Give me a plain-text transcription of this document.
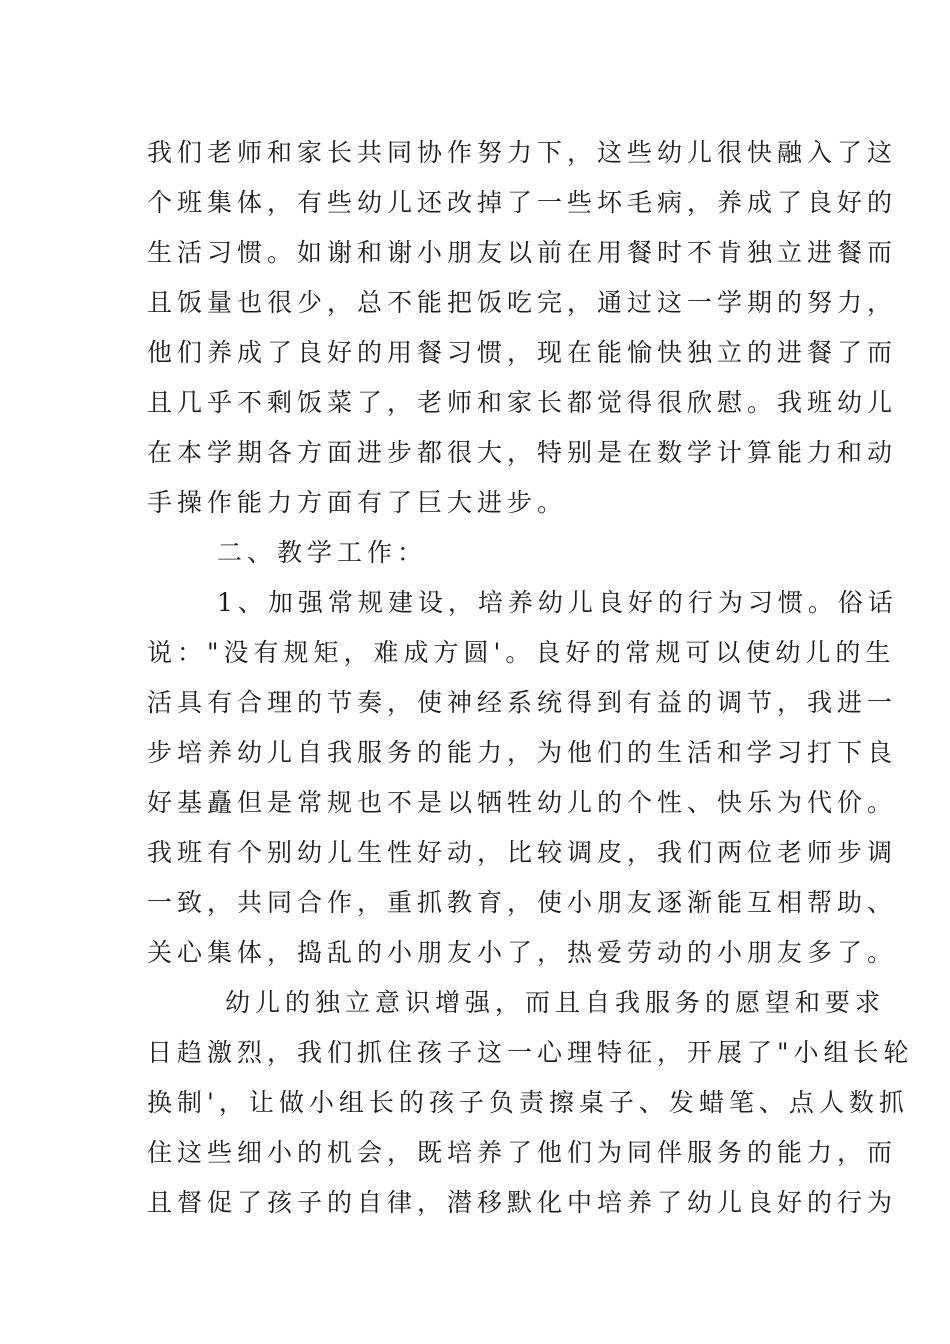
我们老师和家长共同协作努力下，这些幼儿很快融入了这
个班集体，有些幼儿还改掉了一些坏毛病，养成了良好的
生活习惯。如谢和谢小朋友以前在用餐时不肯独立进餐而
且饭量也很少，总不能把饭吃完，通过这一学期的努力，
他们养成了良好的用餐习惯，现在能愉快独立的进餐了而
且几乎不剩饭菜了，老师和家长都觉得很欣慰。我班幼儿
在本学期各方面进步都很大，特别是在数学计算能力和动
手操作能力方面有了巨大进步。
二、教学工作：
1、加强常规建设，培养幼儿良好的行为习惯。俗话
说："没有规矩，难成方圆'。良好的常规可以使幼儿的生
活具有合理的节奏，使神经系统得到有益的调节，我进一
步培养幼儿自我服务的能力，为他们的生活和学习打下良
好基矗但是常规也不是以牺牲幼儿的个性、快乐为代价。
我班有个别幼儿生性好动，比较调皮，我们两位老师步调
一致，共同合作，重抓教育，使小朋友逐渐能互相帮助、
关心集体，捣乱的小朋友小了，热爱劳动的小朋友多了。
幼儿的独立意识增强，而且自我服务的愿望和要求
日趋激烈，我们抓住孩子这一心理特征，开展了"小组长轮
换制'，让做小组长的孩子负责擦桌子、发蜡笔、点人数抓
住这些细小的机会，既培养了他们为同伴服务的能力，而
且督促了孩子的自律，潜移默化中培养了幼儿良好的行为
